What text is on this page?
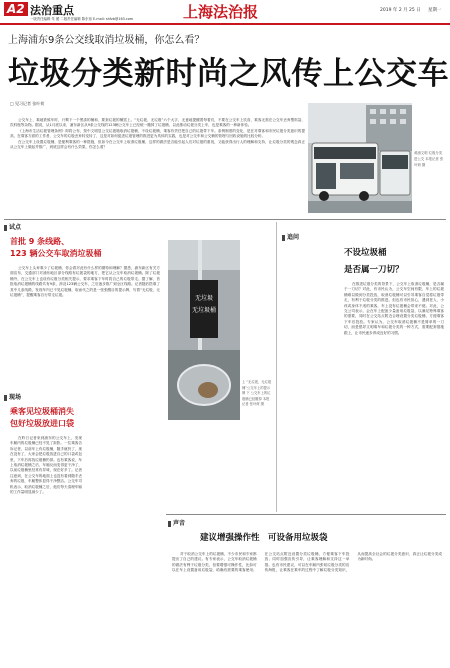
A2 法治重点
一版责任编辑 朱 赟 二版责任编辑 陈东裕 E-mail: shfzb@163.com	上海法治报	2019 年 2 月 25 日 星期一
上海浦东9条公交线取消垃圾桶，你怎么看？
垃圾分类新时尚之风传上公交车
□ 见习记者 张叶荷
公交车上、乘地铁候车时，只剩下一个黑漆的桶和，要套垃圾的桶罢上。“无垃圾、无垃圾”六个大字，无意地提醒着每着们，不要在公交车上饮食，乘客无需在公交车丢弃塑料袋、饮料瓶等杂物。据说，从1月底以来，浦东新区从9条公交线的123辆公交车上已经统一撤掉了垃圾桶，以此推动垃圾分类上车，也是乘客的一种新体验。
《上海市生活垃圾管理条例》即将公布，按中文明显公交垃圾箱取消垃圾桶，不设垃圾桶，乘客有责任把自己的垃圾带下车。条例制度的变化，是在对乘客和市民垃圾分类意识的提高，在乘客方面的工作者，公交车的垃圾丢弃转变转了，这是对如何促进垃圾管理的推进更为具体的实践，也是对公交车和公交桶的管理与回收设施的比较分析。
在公交车上设置垃圾桶，是便利乘客的一种措施，但如今在公交车上取消垃圾桶，这样的做法是否能引起人们对垃圾的重视，又能获得出行人的理解和支持，让垃圾分类的观念真正从公交车上做起并推广，到底这样会有什么效果，你怎么看？
黄浦文明 垃圾分类进公交 本报记者 张叶荷 摄
试点
首批 9 条线路、
123 辆公交车取消垃圾桶
公交车上头弃乘少了垃圾桶，你会看对此有什么样的期待和理解？据悉，浦东新区有关方面宣布，交通部门对浦东地区部分线路有垃圾袋的地方，把它从公交车取消垃圾桶。除了垃圾桶外，在公交车上也设有垃圾分类相关提示，要求乘客下车时将自己的垃圾带走。据了解，首批取消垃圾桶的线路共有9条，涉及123辆公交车，之后逐步推广到全区线路。记者随后搭乘了其中几条线路，发现车内已不见垃圾桶，取而代之的是一张张醒目的提示牌，写着“无垃圾，无垃圾桶”，提醒乘客自行带走垃圾。	无垃圾
无垃圾桶
上 “无垃圾，无垃圾桶”公交车上的提示牌 下 公交车上的垃圾桶已经撤掉 本报记者 张叶荷 摄
现场
乘客见垃圾桶消失
包好垃圾放进口袋
在昨日记者来到浦东的公交车上，发现车厢内的垃圾桶已经不见了踪影。一位乘客告诉记者，以前车上有垃圾桶，随手就扔了，现在没有了，大家会把垃圾放进自己的口袋或包里，下车后再找垃圾桶扔掉。也有乘客说，车上取消垃圾桶之后，车厢反而变得更干净了，以前垃圾桶里经常有异味，现在好多了。记者注意到，在公交车的地面上也没有看到随手丢弃的垃圾，车厢整体显得干净整洁。公交车司机表示，取消垃圾桶之后，他们每天清理车厢的工作量明显减少了。
追问
不设垃圾桶
是否属一刀切？
在推进垃圾分类的背景下，公交车上取消垃圾桶，是否属于一刀切？对此，有市民认为，公交车空间有限，车上的垃圾桶难以做到分类投放，取消垃圾桶可以引导乘客自觉将垃圾带走，有利于垃圾分类的推进。但也有市民担心，遇到老人、小孩或身体不适的乘客，车上没有垃圾桶会带来不便。对此，公交公司表示，会在车上配备少量备用垃圾袋，以满足特殊乘客的需要，同时在公交站点附近合理设置分类垃圾桶，方便乘客下车后投放。专家认为，公交车取消垃圾桶不是简单的一刀切，而是倡导文明乘车和垃圾分类的一种方式，需要配套措施跟上，让市民逐步养成良好的习惯。
声音
建议增强操作性　可设备用垃圾袋
对于取消公交车上的垃圾桶，不少市民和专家都提出了自己的建议。有专家表示，公交车取消垃圾桶的做法有利于垃圾分类，但要增强可操作性，比如可以在车上设置备用垃圾袋，给确有需要的乘客使用；在公交站点附近设置分类垃圾桶，方便乘客下车投放；同时加强宣传引导，让乘客理解和支持这一举措。也有市民建议，可以在车厢内张贴垃圾分类的宣传海报，让乘客在乘车的过程中了解垃圾分类知识，从而提高全社会的垃圾分类意识，真正让垃圾分类成为新时尚。
